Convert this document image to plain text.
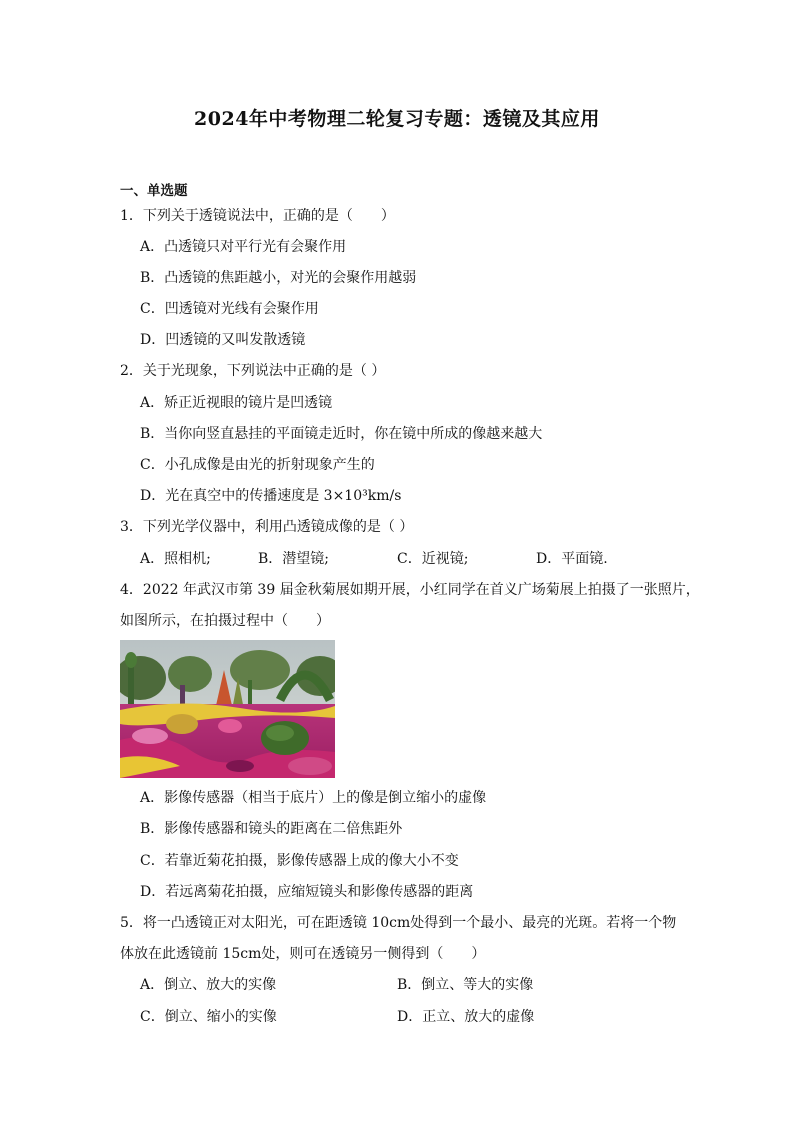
2024年中考物理二轮复习专题：透镜及其应用
一、单选题
1．下列关于透镜说法中，正确的是（　　）
A．凸透镜只对平行光有会聚作用
B．凸透镜的焦距越小，对光的会聚作用越弱
C．凹透镜对光线有会聚作用
D．凹透镜的又叫发散透镜
2．关于光现象，下列说法中正确的是（ ）
A．矫正近视眼的镜片是凹透镜
B．当你向竖直悬挂的平面镜走近时，你在镜中所成的像越来越大
C．小孔成像是由光的折射现象产生的
D．光在真空中的传播速度是 3×10³km/s
3．下列光学仪器中，利用凸透镜成像的是（ ）
A．照相机;	B．潜望镜;	C．近视镜;	D．平面镜.
4．2022 年武汉市第 39 届金秋菊展如期开展，小红同学在首义广场菊展上拍摄了一张照片，
如图所示，在拍摄过程中（　　）
A．影像传感器（相当于底片）上的像是倒立缩小的虚像
B．影像传感器和镜头的距离在二倍焦距外
C．若靠近菊花拍摄，影像传感器上成的像大小不变
D．若远离菊花拍摄，应缩短镜头和影像传感器的距离
5．将一凸透镜正对太阳光，可在距透镜 10cm处得到一个最小、最亮的光斑。若将一个物
体放在此透镜前 15cm处，则可在透镜另一侧得到（　　）
A．倒立、放大的实像	B．倒立、等大的实像
C．倒立、缩小的实像	D．正立、放大的虚像
